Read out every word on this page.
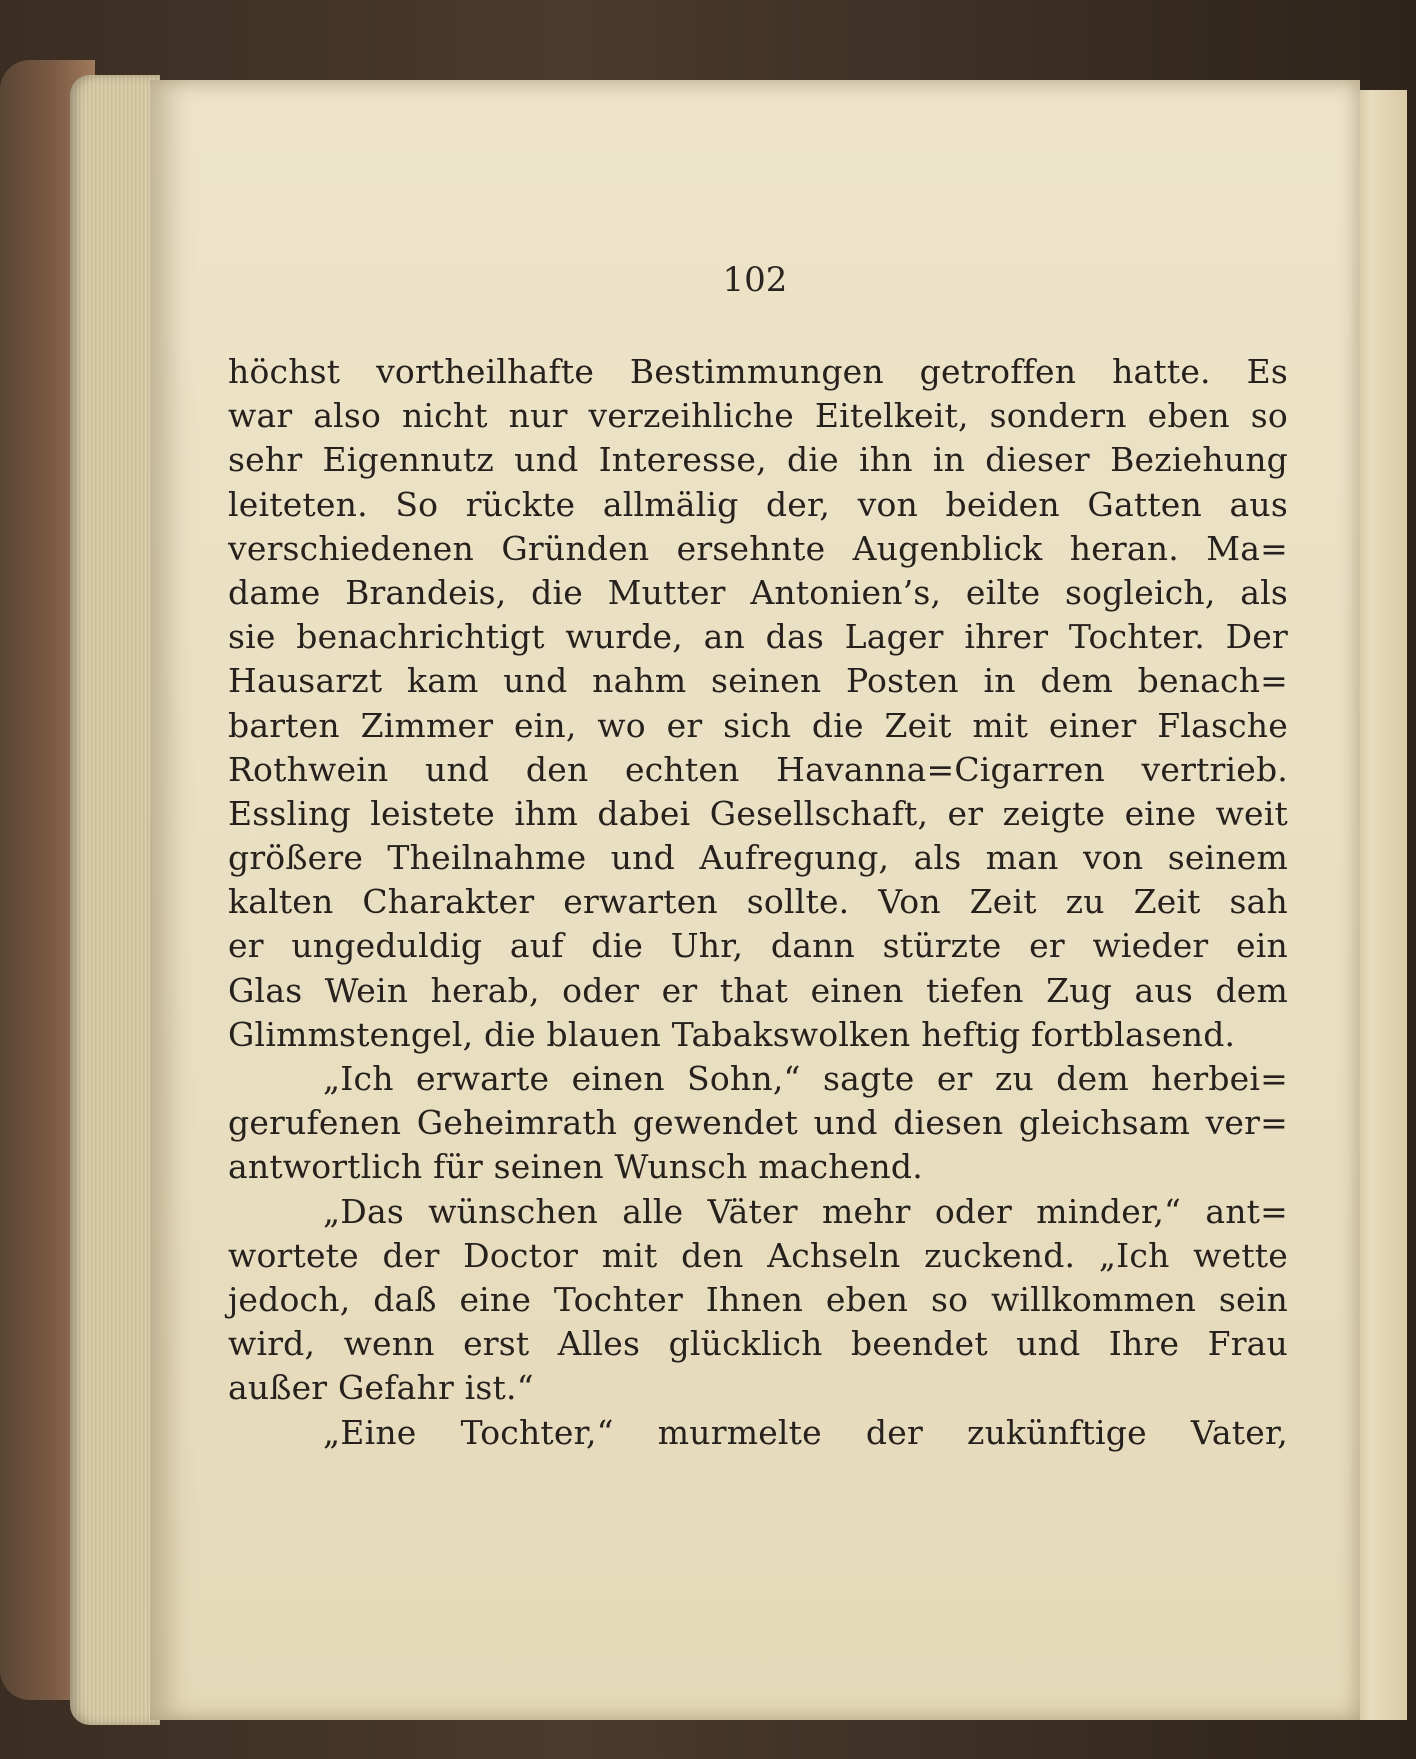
102
höchst vortheilhafte Bestimmungen getroffen hatte. Es
war also nicht nur verzeihliche Eitelkeit, sondern eben so
sehr Eigennutz und Interesse, die ihn in dieser Beziehung
leiteten. So rückte allmälig der, von beiden Gatten aus
verschiedenen Gründen ersehnte Augenblick heran. Ma=
dame Brandeis, die Mutter Antonien’s, eilte sogleich, als
sie benachrichtigt wurde, an das Lager ihrer Tochter. Der
Hausarzt kam und nahm seinen Posten in dem benach=
barten Zimmer ein, wo er sich die Zeit mit einer Flasche
Rothwein und den echten Havanna=Cigarren vertrieb.
Essling leistete ihm dabei Gesellschaft, er zeigte eine weit
größere Theilnahme und Aufregung, als man von seinem
kalten Charakter erwarten sollte. Von Zeit zu Zeit sah
er ungeduldig auf die Uhr, dann stürzte er wieder ein
Glas Wein herab, oder er that einen tiefen Zug aus dem
Glimmstengel, die blauen Tabakswolken heftig fortblasend.
„Ich erwarte einen Sohn,“ sagte er zu dem herbei=
gerufenen Geheimrath gewendet und diesen gleichsam ver=
antwortlich für seinen Wunsch machend.
„Das wünschen alle Väter mehr oder minder,“ ant=
wortete der Doctor mit den Achseln zuckend. „Ich wette
jedoch, daß eine Tochter Ihnen eben so willkommen sein
wird, wenn erst Alles glücklich beendet und Ihre Frau
außer Gefahr ist.“
„Eine Tochter,“ murmelte der zukünftige Vater,
